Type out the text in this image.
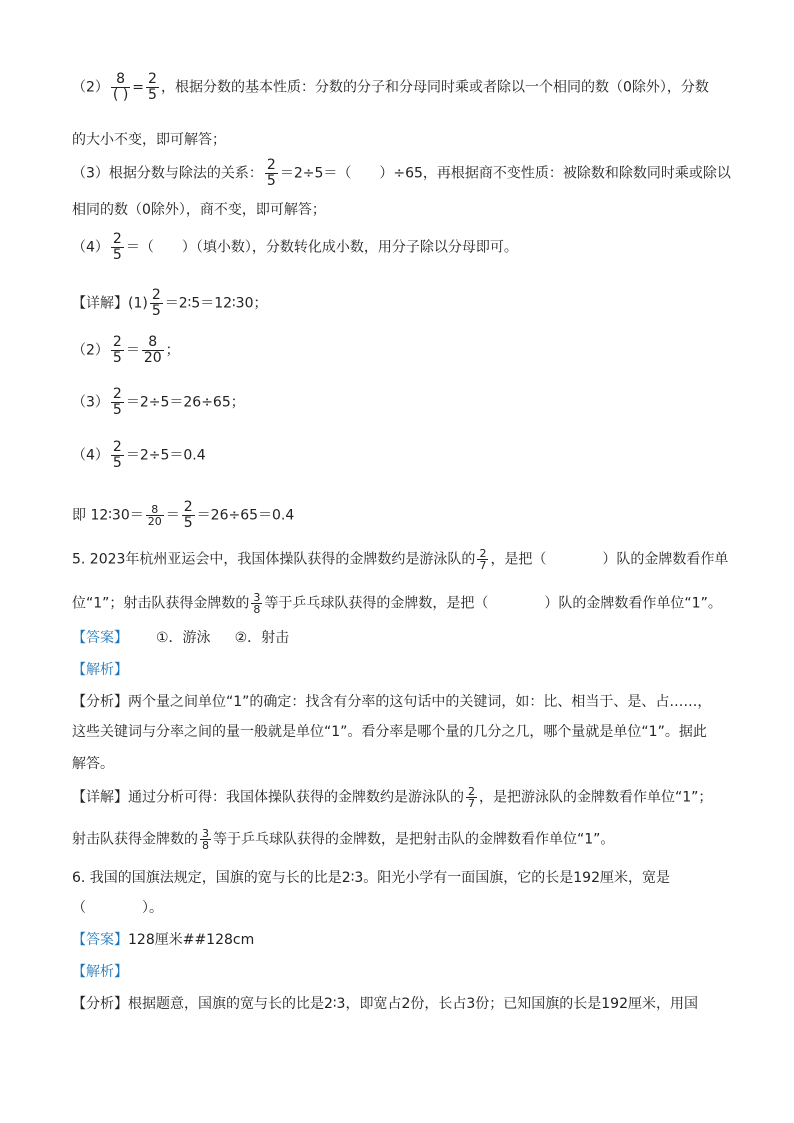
$(2) \frac{8}{( )} = \frac{2}{5}$ ，根据分数的基本性质：分数的分子和分母同时乘或者除以一个相同的数（0除外），分数
的大小不变，即可解答；
（3）根据分数与除法的关系： $\frac{2}{5} =2\div 5=$（　　）÷65，再根据商不变性质：被除数和除数同时乘或除以
相同的数（0除外），商不变，即可解答；
$(4) \frac{2}{5}$ ＝（　　）（填小数），分数转化成小数，用分子除以分母即可。
【详解】$(1) \frac{2}{5}$ ＝2∶5＝12∶30；
$(2) \frac{2}{5} = \frac{8}{20}$ ；
$(3) \frac{2}{5} =2\div 5=26\div 65$；
$(4) \frac{2}{5} =2\div 5=0.4$
即 12∶30＝ $\frac{8}{20} = \frac{2}{5} =26\div 65=0.4$
5. 2023年杭州亚运会中，我国体操队获得的金牌数约是游泳队的 $\frac{2}{7}$ ，是把（　　　　）队的金牌数看作单
位“1”；射击队获得金牌数的 $\frac{3}{8}$ 等于乒乓球队获得的金牌数，是把（　　　　）队的金牌数看作单位“1”。
【答案】 ①．游泳 ②．射击
【解析】
【分析】两个量之间单位“1”的确定：找含有分率的这句话中的关键词，如：比、相当于、是、占……，
这些关键词与分率之间的量一般就是单位“1”。看分率是哪个量的几分之几，哪个量就是单位“1”。据此
解答。
【详解】通过分析可得：我国体操队获得的金牌数约是游泳队的 $\frac{2}{7}$ ，是把游泳队的金牌数看作单位“1”；
射击队获得金牌数的 $\frac{3}{8}$ 等于乒乓球队获得的金牌数，是把射击队的金牌数看作单位“1”。
6. 我国的国旗法规定，国旗的宽与长的比是2∶3。阳光小学有一面国旗，它的长是192厘米，宽是
（　　　　）。
【答案】128厘米##128cm
【解析】
【分析】根据题意，国旗的宽与长的比是2∶3，即宽占2份，长占3份；已知国旗的长是192厘米，用国
